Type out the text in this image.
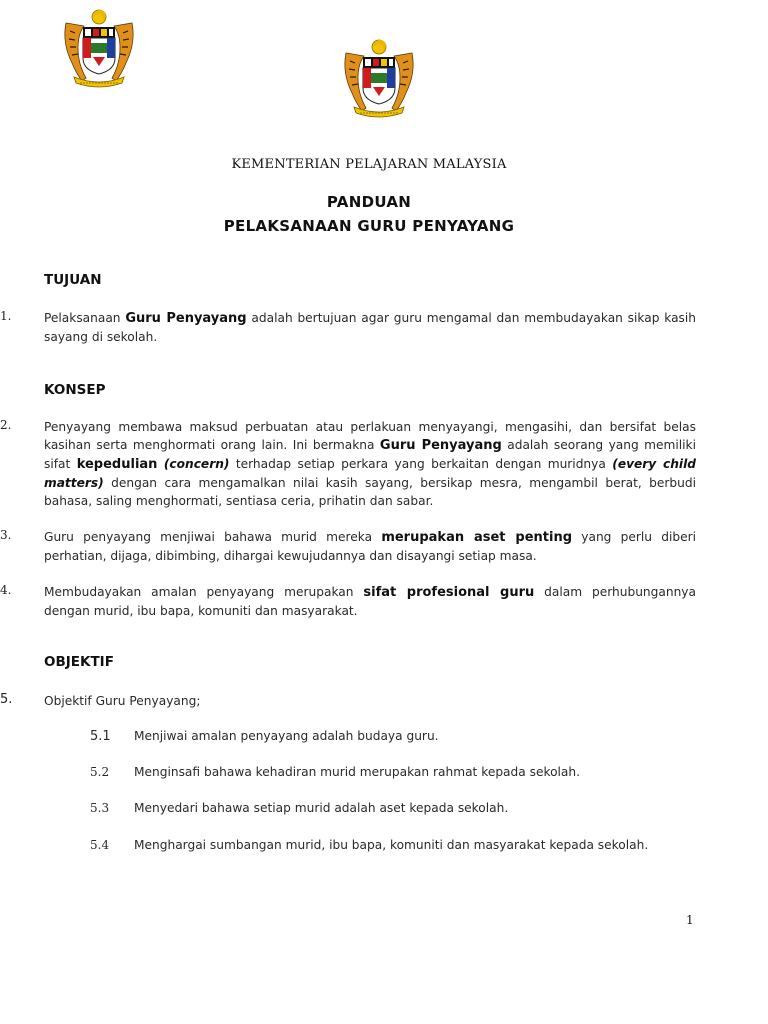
KEMENTERIAN PELAJARAN MALAYSIA
PANDUAN
PELAKSANAAN GURU PENYAYANG
TUJUAN
1.	Pelaksanaan Guru Penyayang adalah bertujuan agar guru mengamal dan membudayakan sikap kasih sayang di sekolah.
KONSEP
2.	Penyayang membawa maksud perbuatan atau perlakuan menyayangi, mengasihi, dan bersifat belas kasihan serta menghormati orang lain. Ini bermakna Guru Penyayang adalah seorang yang memiliki sifat kepedulian (concern) terhadap setiap perkara yang berkaitan dengan muridnya (every child matters) dengan cara mengamalkan nilai kasih sayang, bersikap mesra, mengambil berat, berbudi bahasa, saling menghormati, sentiasa ceria, prihatin dan sabar.
3.	Guru penyayang menjiwai bahawa murid mereka merupakan aset penting yang perlu diberi perhatian, dijaga, dibimbing, dihargai kewujudannya dan disayangi setiap masa.
4.	Membudayakan amalan penyayang merupakan sifat profesional guru dalam perhubungannya dengan murid, ibu bapa, komuniti dan masyarakat.
OBJEKTIF
5.	Objektif Guru Penyayang;
5.1 Menjiwai amalan penyayang adalah budaya guru.
5.2 Menginsafi bahawa kehadiran murid merupakan rahmat kepada sekolah.
5.3 Menyedari bahawa setiap murid adalah aset kepada sekolah.
5.4 Menghargai sumbangan murid, ibu bapa, komuniti dan masyarakat kepada sekolah.
1
